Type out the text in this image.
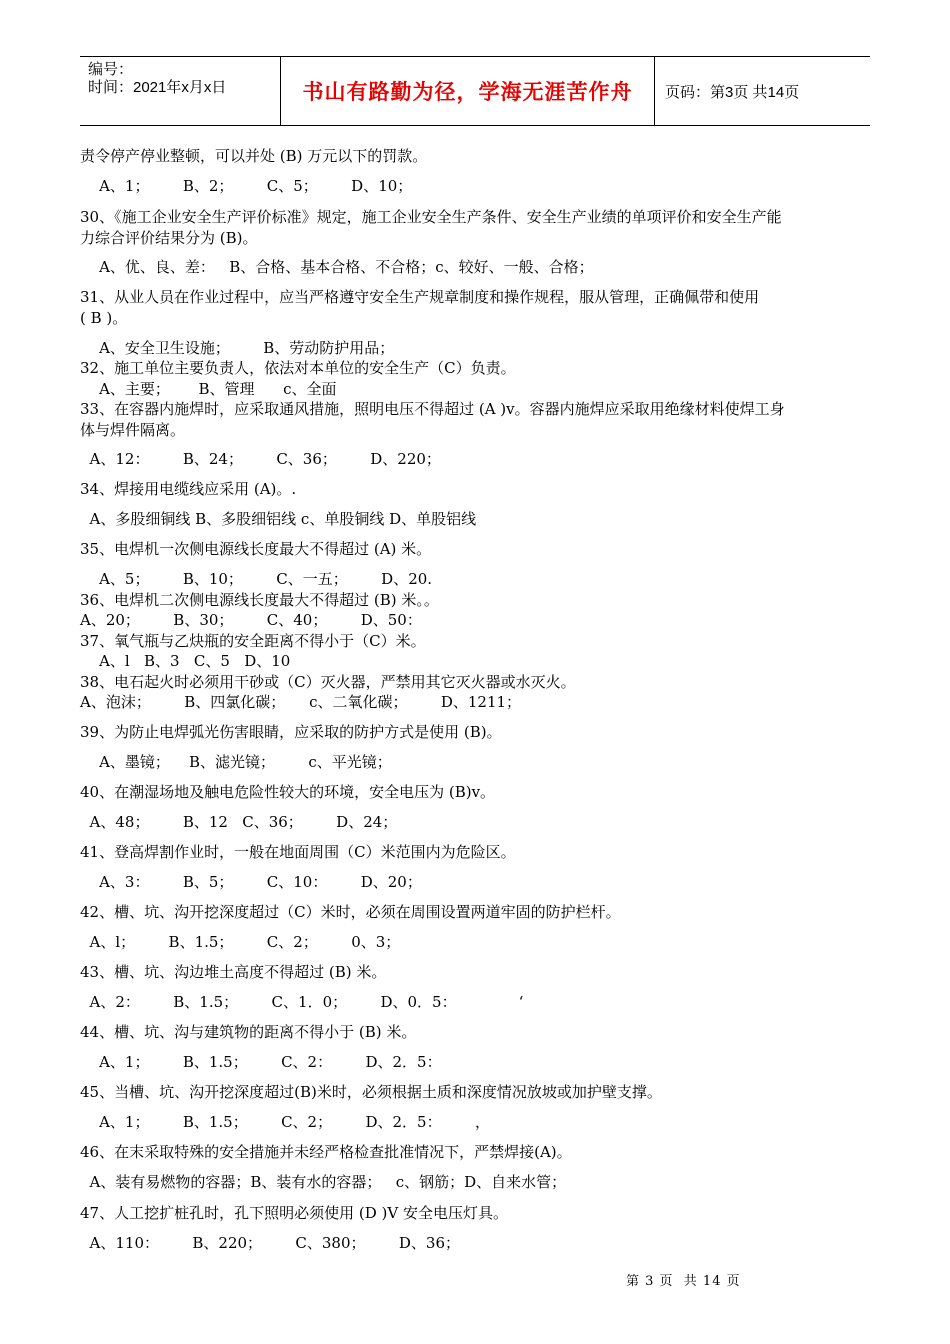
编号：
时间：2021年x月x日	书山有路勤为径，学海无涯苦作舟	页码：第3页 共14页
责令停产停业整顿，可以并处 (B) 万元以下的罚款。
A、1；       B、2；       C、5；       D、10；
30、《施工企业安全生产评价标准》规定，施工企业安全生产条件、安全生产业绩的单项评价和安全生产能
力综合评价结果分为 (B)。
A、优、良、差：   B、合格、基本合格、不合格；c、较好、一般、合格；
31、从业人员在作业过程中，应当严格遵守安全生产规章制度和操作规程，服从管理，正确佩带和使用
( B )。
A、安全卫生设施；       B、劳动防护用品；
32、施工单位主要负责人，依法对本单位的安全生产（C）负责。
A、主要；      B、管理      c、全面
33、在容器内施焊时，应采取通风措施，照明电压不得超过 (A )v。容器内施焊应采取用绝缘材料使焊工身
体与焊件隔离。
A、12：       B、24；       C、36；       D、220；
34、焊接用电缆线应采用 (A)。.
A、多股细铜线 B、多股细铝线 c、单股铜线 D、单股铝线
35、电焊机一次侧电源线长度最大不得超过 (A) 米。
A、5；       B、10；       C、一五；       D、20.
36、电焊机二次侧电源线长度最大不得超过 (B) 米。。
A、20；       B、30；       C、40；       D、50：
37、氧气瓶与乙炔瓶的安全距离不得小于（C）米。
A、l   B、3   C、5   D、10
38、电石起火时必须用干砂或（C）灭火器，严禁用其它灭火器或水灭火。
A、泡沫；       B、四氯化碳；     c、二氧化碳；       D、1211；
39、为防止电焊弧光伤害眼睛，应采取的防护方式是使用 (B)。
A、墨镜；    B、滤光镜；       c、平光镜；
40、在潮湿场地及触电危险性较大的环境，安全电压为 (B)v。
A、48；       B、12   C、36；       D、24；
41、登高焊割作业时，一般在地面周围（C）米范围内为危险区。
A、3：       B、5；       C、10：       D、20；
42、槽、坑、沟开挖深度超过（C）米时，必须在周围设置两道牢固的防护栏杆。
A、l；       B、1.5；       C、2；       0、3；
43、槽、坑、沟边堆土高度不得超过 (B) 米。
A、2：       B、1.5；       C、1．0；       D、0．5：             ‘
44、槽、坑、沟与建筑物的距离不得小于 (B) 米。
A、1；       B、1.5；       C、2：       D、2．5：
45、当槽、坑、沟开挖深度超过(B)米时，必须根据土质和深度情况放坡或加护壁支撑。
A、1；       B、1.5；       C、2；       D、2．5：       ，
46、在末采取特殊的安全措施并未经严格检查批准情况下，严禁焊接(A)。
A、装有易燃物的容器；B、装有水的容器；   c、钢筋；D、自来水管；
47、人工挖扩桩孔时，孔下照明必须使用 (D )V 安全电压灯具。
A、110：       B、220；       C、380；       D、36；
第 3 页  共 14 页
